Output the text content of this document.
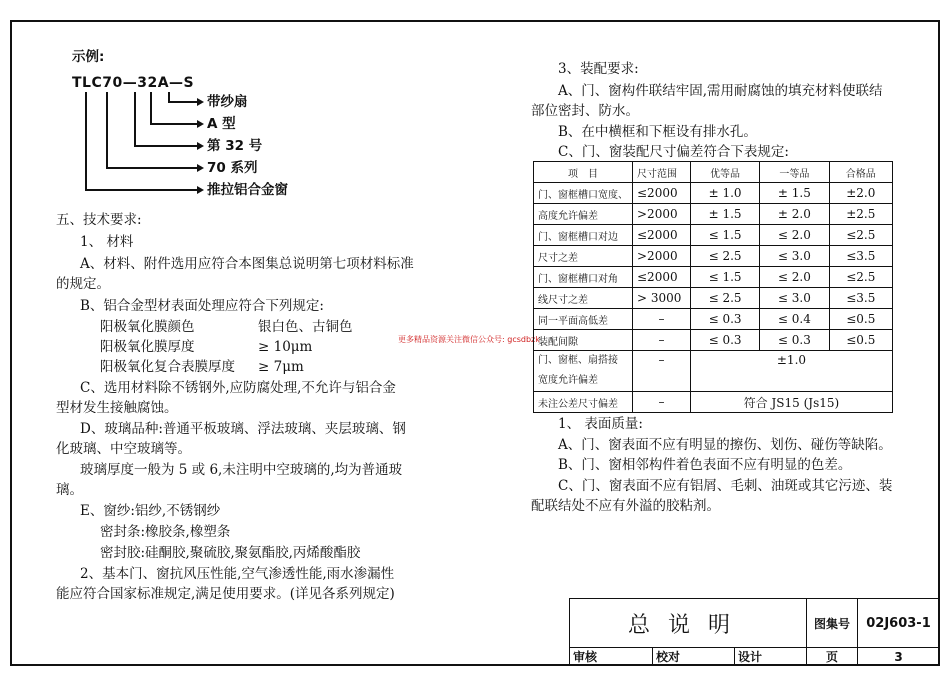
示例:
TLC70—32A—S
带纱扇
A 型
第 32 号
70 系列
推拉铝合金窗
五、技术要求:
1、 材料
A、材料、附件选用应符合本图集总说明第七项材料标准
的规定。
B、铝合金型材表面处理应符合下列规定:
阳极氧化膜颜色	银白色、古铜色
阳极氧化膜厚度	≥ 10μm
阳极氧化复合表膜厚度 ≥ 7μm
C、选用材料除不锈钢外,应防腐处理,不允许与铝合金
型材发生接触腐蚀。
D、玻璃品种:普通平板玻璃、浮法玻璃、夹层玻璃、钢
化玻璃、中空玻璃等。
玻璃厚度一般为 5 或 6,未注明中空玻璃的,均为普通玻
璃。
E、窗纱:铝纱,不锈钢纱
密封条:橡胶条,橡塑条
密封胶:硅酮胶,聚硫胶,聚氨酯胶,丙烯酸酯胶
2、基本门、窗抗风压性能,空气渗透性能,雨水渗漏性
能应符合国家标准规定,满足使用要求。(详见各系列规定)
3、装配要求:
A、门、窗构件联结牢固,需用耐腐蚀的填充材料使联结
部位密封、防水。
B、在中横框和下框设有排水孔。
C、门、窗装配尺寸偏差符合下表规定:
更多精品资源关注微信公众号: gcsdbzk
项　目	尺寸范围	优等品	一等品	合格品
门、窗框槽口宽度、	≤2000	± 1.0	± 1.5	±2.0
高度允许偏差	>2000	± 1.5	± 2.0	±2.5
门、窗框槽口对边	≤2000	≤ 1.5	≤ 2.0	≤2.5
尺寸之差	>2000	≤ 2.5	≤ 3.0	≤3.5
门、窗框槽口对角	≤2000	≤ 1.5	≤ 2.0	≤2.5
线尺寸之差	> 3000	≤ 2.5	≤ 3.0	≤3.5
同一平面高低差	–	≤ 0.3	≤ 0.4	≤0.5
装配间隙	–	≤ 0.3	≤ 0.3	≤0.5

门、窗框、扇搭接
宽度允许偏差	–	±1.0		
未注公差尺寸偏差	–	符合 JS15 (Js15)		
1、 表面质量:
A、门、窗表面不应有明显的擦伤、划伤、碰伤等缺陷。
B、门、窗相邻构件着色表面不应有明显的色差。
C、门、窗表面不应有铝屑、毛刺、油斑或其它污迹、装
配联结处不应有外溢的胶粘剂。
总说明	图集号	02J603-1
审核	校对	设计	页	3
